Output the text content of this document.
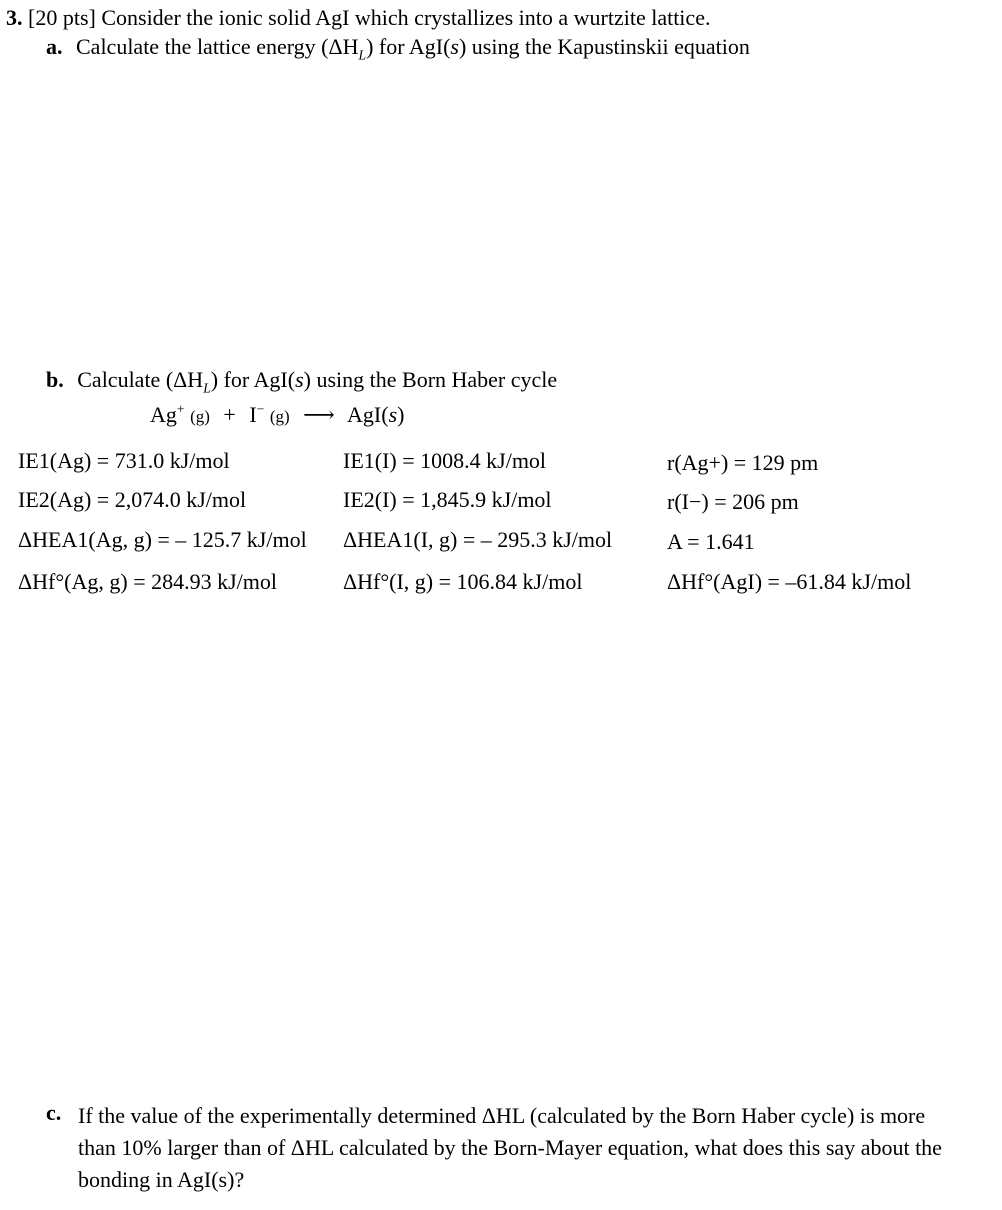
3. [20 pts] Consider the ionic solid AgI which crystallizes into a wurtzite lattice.
a. Calculate the lattice energy $(\Delta H_L)$ for AgI(s) using the Kapustinskii equation
b. Calculate $(\Delta H_L)$ for AgI(s) using the Born Haber cycle
Ag+ (g) + I− (g) ⟶ AgI(s)
IE1(Ag) = 731.0 kJ/mol
IE2(Ag) = 2,074.0 kJ/mol
ΔHEA1(Ag, g) = – 125.7 kJ/mol
ΔHf°(Ag, g) = 284.93 kJ/mol
IE1(I) = 1008.4 kJ/mol
IE2(I) = 1,845.9 kJ/mol
ΔHEA1(I, g) = – 295.3 kJ/mol
ΔHf°(I, g) = 106.84 kJ/mol
r(Ag+) = 129 pm
r(I−) = 206 pm
A = 1.641
ΔHf°(AgI) = –61.84 kJ/mol
c. If the value of the experimentally determined ΔHL (calculated by the Born Haber cycle) is more than 10% larger than of ΔHL calculated by the Born-Mayer equation, what does this say about the bonding in AgI(s)?
